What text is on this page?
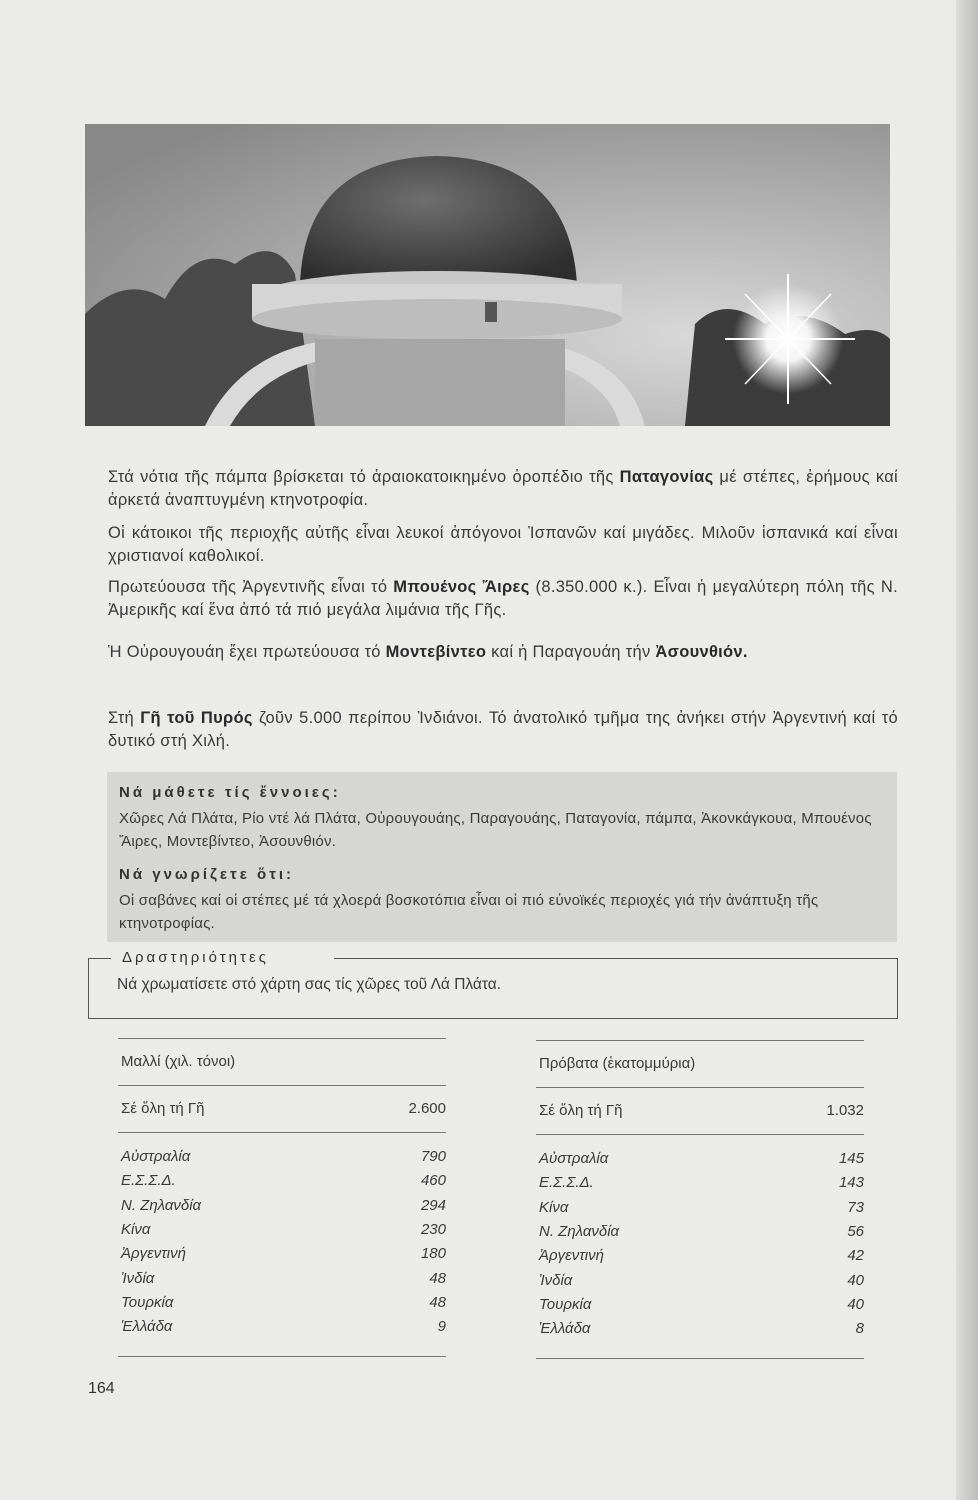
Στά νότια τῆς πάμπα βρίσκεται τό ἀραιοκατοικημένο ὀροπέδιο τῆς Παταγονίας μέ στέπες, ἐρήμους καί ἀρκετά ἀναπτυγμένη κτηνοτροφία.

Οἱ κάτοικοι τῆς περιοχῆς αὐτῆς εἶναι λευκοί ἀπόγονοι Ἱσπανῶν καί μιγάδες. Μιλοῦν ἱσπανικά καί εἶναι χριστιανοί καθολικοί.

Πρωτεύουσα τῆς Ἀργεντινῆς εἶναι τό Μπουένος Ἄιρες (8.350.000 κ.). Εἶναι ἡ μεγαλύτερη πόλη τῆς Ν. Ἀμερικῆς καί ἕνα ἀπό τά πιό μεγάλα λιμάνια τῆς Γῆς.

Ἡ Οὐρουγουάη ἔχει πρωτεύουσα τό Μοντεβίντεο καί ἡ Παραγουάη τήν Ἀσουνθιόν.

Στή Γῆ τοῦ Πυρός ζοῦν 5.000 περίπου Ἰνδιάνοι. Τό ἀνατολικό τμῆμα της ἀνήκει στήν Ἀργεντινή καί τό δυτικό στή Χιλή.

Νά μάθετε τίς ἔννοιες:
Χῶρες Λά Πλάτα, Ρίο ντέ λά Πλάτα, Οὐρουγουάης, Παραγουάης, Παταγονία, πάμπα, Ἀκονκάγκουα, Μπουένος Ἄιρες, Μοντεβίντεο, Ἀσουνθιόν.
Νά γνωρίζετε ὅτι:
Οἱ σαβάνες καί οἱ στέπες μέ τά χλοερά βοσκοτόπια εἶναι οἱ πιό εὐνοϊκές περιοχές γιά τήν ἀνάπτυξη τῆς κτηνοτροφίας.
Δραστηριότητες
Νά χρωματίσετε στό χάρτη σας τίς χῶρες τοῦ Λά Πλάτα.
Μαλλί (χιλ. τόνοι)
Σέ ὅλη τή Γῆ	2.600
Αὐστραλία	790
Ε.Σ.Σ.Δ.	460
Ν. Ζηλανδία	294
Κίνα	230
Ἀργεντινή	180
Ἰνδία	48
Τουρκία	48
Ἑλλάδα	9
Πρόβατα (ἑκατομμύρια)
Σέ ὅλη τή Γῆ	1.032
Αὐστραλία	145
Ε.Σ.Σ.Δ.	143
Κίνα	73
Ν. Ζηλανδία	56
Ἀργεντινή	42
Ἰνδία	40
Τουρκία	40
Ἑλλάδα	8
164
